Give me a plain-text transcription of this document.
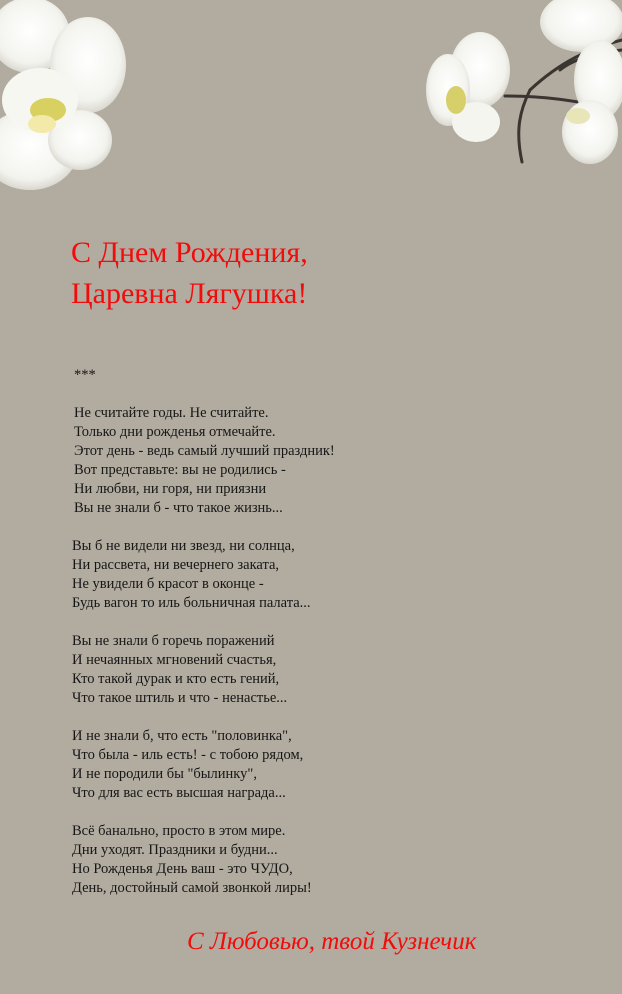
С Днем Рождения,
Царевна Лягушка!
***
Не считайте годы. Не считайте.
Только дни рожденья отмечайте.
Этот день - ведь самый лучший праздник!
Вот представьте: вы не родились -
Ни любви, ни горя, ни приязни
Вы не знали б - что такое жизнь...
Вы б не видели ни звезд, ни солнца,
Ни рассвета, ни вечернего заката,
Не увидели б красот в оконце -
Будь вагон то иль больничная палата...
Вы не знали б горечь поражений
И нечаянных мгновений счастья,
Кто такой дурак и кто есть гений,
Что такое штиль и что - ненастье...
И не знали б, что есть "половинка",
Что была - иль есть! - с тобою рядом,
И не породили бы "былинку",
Что для вас есть высшая награда...
Всё банально, просто в этом мире.
Дни уходят. Праздники и будни...
Но Рожденья День ваш - это ЧУДО,
День, достойный самой звонкой лиры!
С Любовью, твой Кузнечик
